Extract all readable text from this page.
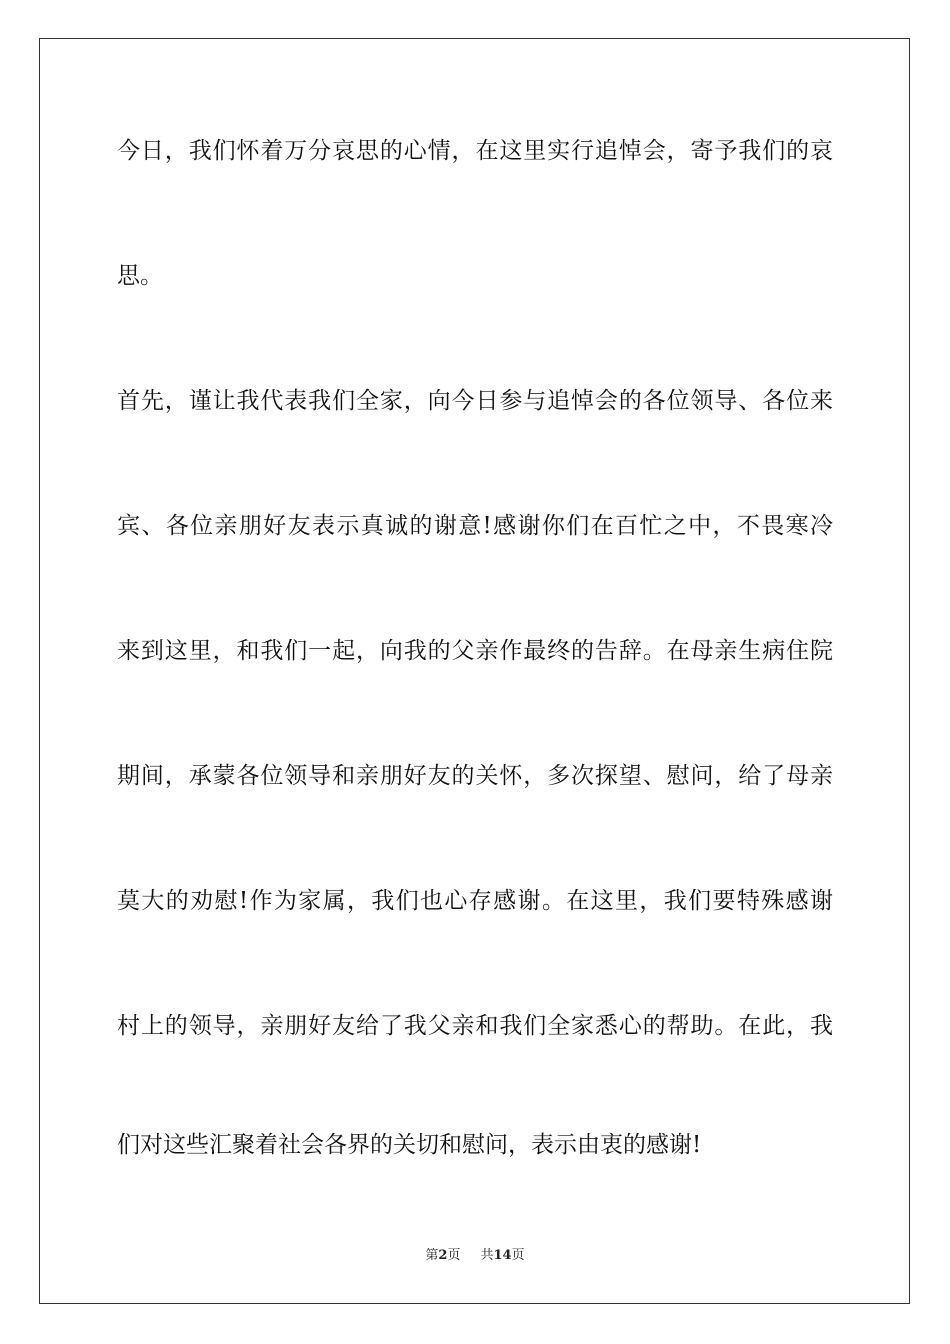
今日，我们怀着万分哀思的心情，在这里实行追悼会，寄予我们的哀
思。
首先，谨让我代表我们全家，向今日参与追悼会的各位领导、各位来
宾、各位亲朋好友表示真诚的谢意!感谢你们在百忙之中，不畏寒冷
来到这里，和我们一起，向我的父亲作最终的告辞。在母亲生病住院
期间，承蒙各位领导和亲朋好友的关怀，多次探望、慰问，给了母亲
莫大的劝慰!作为家属，我们也心存感谢。在这里，我们要特殊感谢
村上的领导，亲朋好友给了我父亲和我们全家悉心的帮助。在此，我
们对这些汇聚着社会各界的关切和慰问，表示由衷的感谢!
第2页 共14页
